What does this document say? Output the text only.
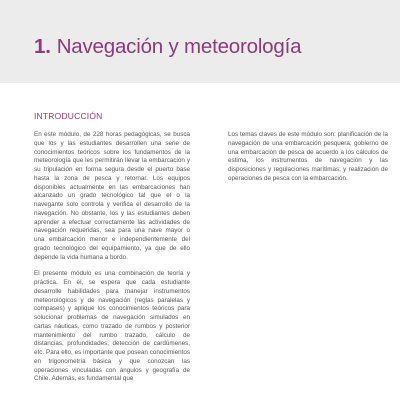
1. Navegación y meteorología
INTRODUCCIÓN

En este módulo, de 228 horas pedagógicas, se busca que los y las estudiantes desarrollen una serie de conocimientos teóricos sobre los fundamentos de la meteorología que les permitirán llevar la embarcación y su tripulación en forma segura desde el puerto base hasta la zona de pesca y retornar. Los equipos disponibles actualmente en las embarcaciones han alcanzado un grado tecnológico tal que el o la navegante solo controla y verifica el desarrollo de la navegación. No obstante, los y las estudiantes deben aprender a efectuar correctamente las actividades de navegación requeridas, sea para una nave mayor o una embarcación menor e independientemente del grado tecnológico del equipamiento, ya que de ello depende la vida humana a bordo.

El presente módulo es una combinación de teoría y práctica. En él, se espera que cada estudiante desarrolle habilidades para manejar instrumentos meteorológicos y de navegación (reglas paralelas y compases) y aplique los conocimientos teóricos para solucionar problemas de navegación simulados en cartas náuticas, como trazado de rumbos y posterior mantenimiento del rumbo trazado, cálculo de distancias, profundidades, detección de cardúmenes, etc. Para ello, es importante que posean conocimientos en trigonometría básica y que conozcan las operaciones vinculadas con ángulos y geografía de Chile. Además, es fundamental que

Los temas claves de este módulo son: planificación de la navegación de una embarcación pesquera; gobierno de una embarcación de pesca de acuerdo a los cálculos de estima, los instrumentos de navegación y las disposiciones y regulaciones marítimas; y realización de operaciones de pesca con la embarcación.
